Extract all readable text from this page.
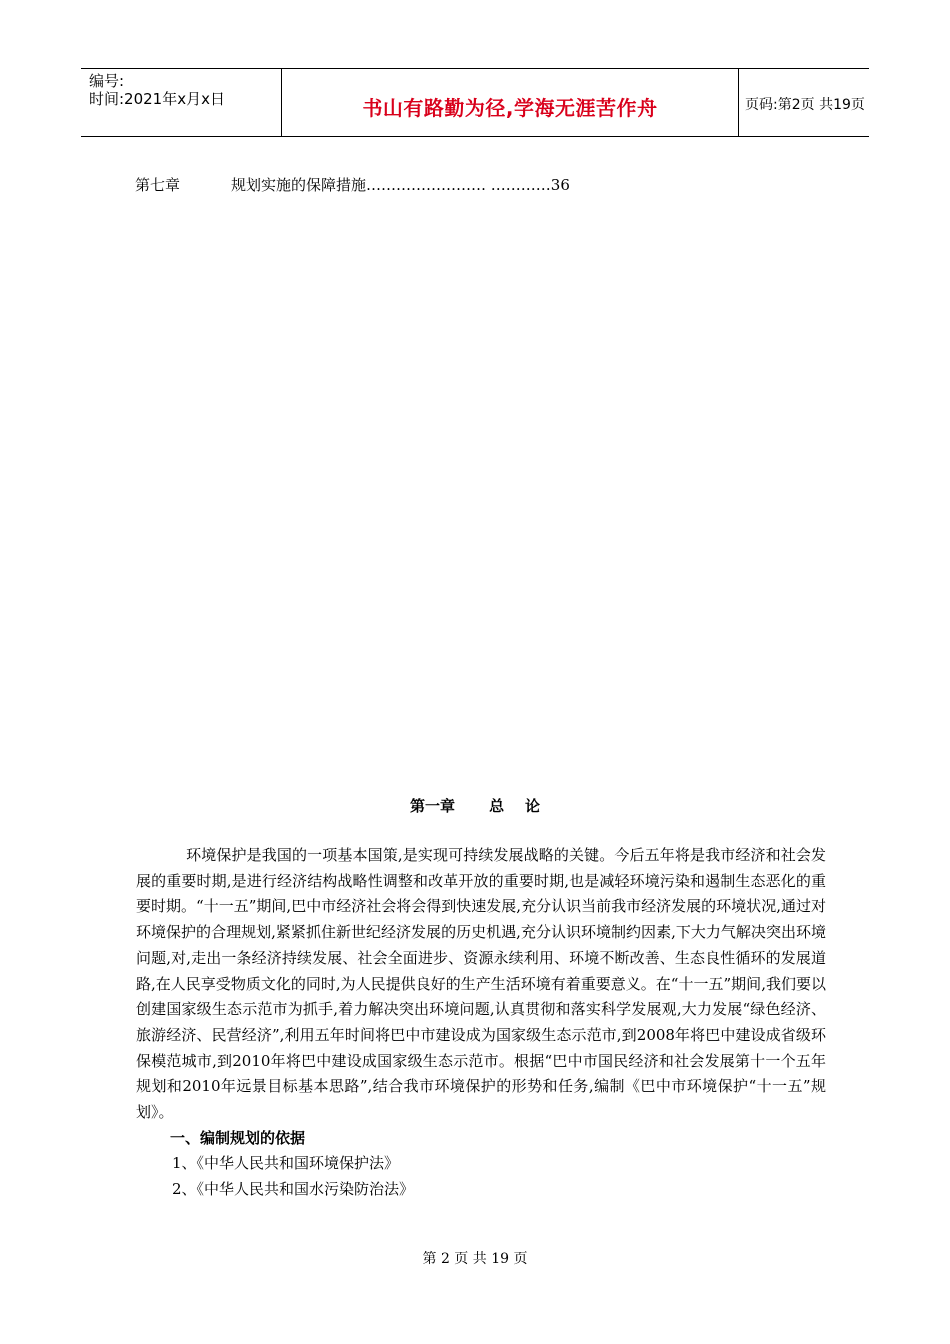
编号:
时间:2021年x月x日	书山有路勤为径,学海无涯苦作舟	页码:第2页 共19页
第七章	规划实施的保障措施…………………… …………36
第一章 总    论

环境保护是我国的一项基本国策,是实现可持续发展战略的关键。今后五年将是我市经济和社会发展的重要时期,是进行经济结构战略性调整和改革开放的重要时期,也是减轻环境污染和遏制生态恶化的重要时期。“十一五”期间,巴中市经济社会将会得到快速发展,充分认识当前我市经济发展的环境状况,通过对环境保护的合理规划,紧紧抓住新世纪经济发展的历史机遇,充分认识环境制约因素,下大力气解决突出环境问题,对,走出一条经济持续发展、社会全面进步、资源永续利用、环境不断改善、生态良性循环的发展道路,在人民享受物质文化的同时,为人民提供良好的生产生活环境有着重要意义。在“十一五”期间,我们要以创建国家级生态示范市为抓手,着力解决突出环境问题,认真贯彻和落实科学发展观,大力发展“绿色经济、旅游经济、民营经济”,利用五年时间将巴中市建设成为国家级生态示范市,到2008年将巴中建设成省级环保模范城市,到2010年将巴中建设成国家级生态示范市。根据“巴中市国民经济和社会发展第十一个五年规划和2010年远景目标基本思路”,结合我市环境保护的形势和任务,编制《巴中市环境保护“十一五”规划》。

一、编制规划的依据

1、《中华人民共和国环境保护法》

2、《中华人民共和国水污染防治法》

第 2 页 共 19 页
